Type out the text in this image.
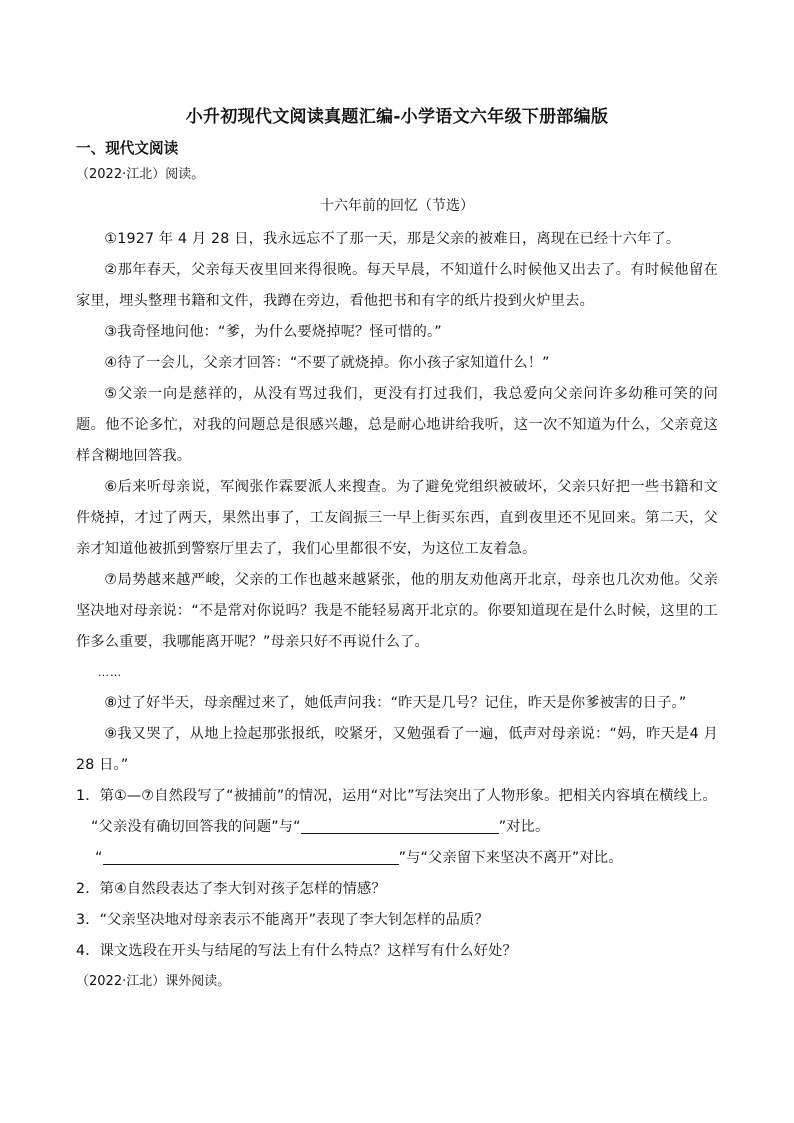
小升初现代文阅读真题汇编-小学语文六年级下册部编版

一、现代文阅读

（2022·江北）阅读。

十六年前的回忆（节选）

①1927 年 4 月 28 日，我永远忘不了那一天，那是父亲的被难日，离现在已经十六年了。

②那年春天，父亲每天夜里回来得很晚。每天早晨，不知道什么时候他又出去了。有时候他留在家里，埋头整理书籍和文件，我蹲在旁边，看他把书和有字的纸片投到火炉里去。

③我奇怪地问他：“爹，为什么要烧掉呢？怪可惜的。”

④待了一会儿，父亲才回答：“不要了就烧掉。你小孩子家知道什么！”

⑤父亲一向是慈祥的，从没有骂过我们，更没有打过我们，我总爱向父亲问许多幼稚可笑的问题。他不论多忙，对我的问题总是很感兴趣，总是耐心地讲给我听，这一次不知道为什么，父亲竟这样含糊地回答我。

⑥后来听母亲说，军阀张作霖要派人来搜查。为了避免党组织被破坏，父亲只好把一些书籍和文件烧掉，才过了两天，果然出事了，工友阎振三一早上街买东西，直到夜里还不见回来。第二天，父亲才知道他被抓到警察厅里去了，我们心里都很不安，为这位工友着急。

⑦局势越来越严峻，父亲的工作也越来越紧张，他的朋友劝他离开北京，母亲也几次劝他。父亲坚决地对母亲说：“不是常对你说吗？我是不能轻易离开北京的。你要知道现在是什么时候，这里的工作多么重要，我哪能离开呢？”母亲只好不再说什么了。

……

⑧过了好半天，母亲醒过来了，她低声问我：“昨天是几号？记住，昨天是你爹被害的日子。”

⑨我又哭了，从地上捡起那张报纸，咬紧牙，又勉强看了一遍，低声对母亲说：“妈，昨天是4 月28 日。”

1．第①—⑦自然段写了“被捕前”的情况，运用“对比”写法突出了人物形象。把相关内容填在横线上。

“父亲没有确切回答我的问题”与“	”对比。

“	”与“父亲留下来坚决不离开”对比。

2．第④自然段表达了李大钊对孩子怎样的情感？

3．“父亲坚决地对母亲表示不能离开”表现了李大钊怎样的品质？

4．课文选段在开头与结尾的写法上有什么特点？这样写有什么好处？

（2022·江北）课外阅读。
